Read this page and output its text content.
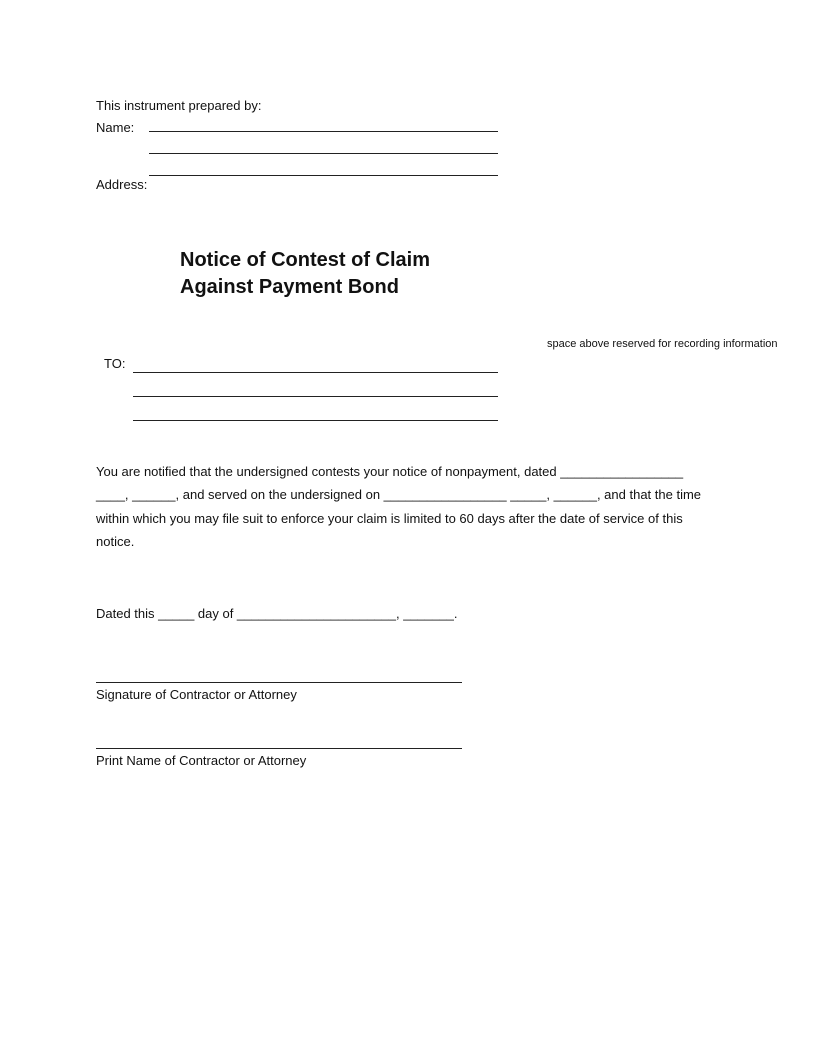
This instrument prepared by:
Name:
Address:
Notice of Contest of Claim
Against Payment Bond
space above reserved for recording information
TO:
You are notified that the undersigned contests your notice of nonpayment, dated _________________
____, ______, and served on the undersigned on _________________ _____, ______, and that the time
within which you may file suit to enforce your claim is limited to 60 days after the date of service of this
notice.
Dated this _____ day of ______________________, _______.
Signature of Contractor or Attorney
Print Name of Contractor or Attorney
